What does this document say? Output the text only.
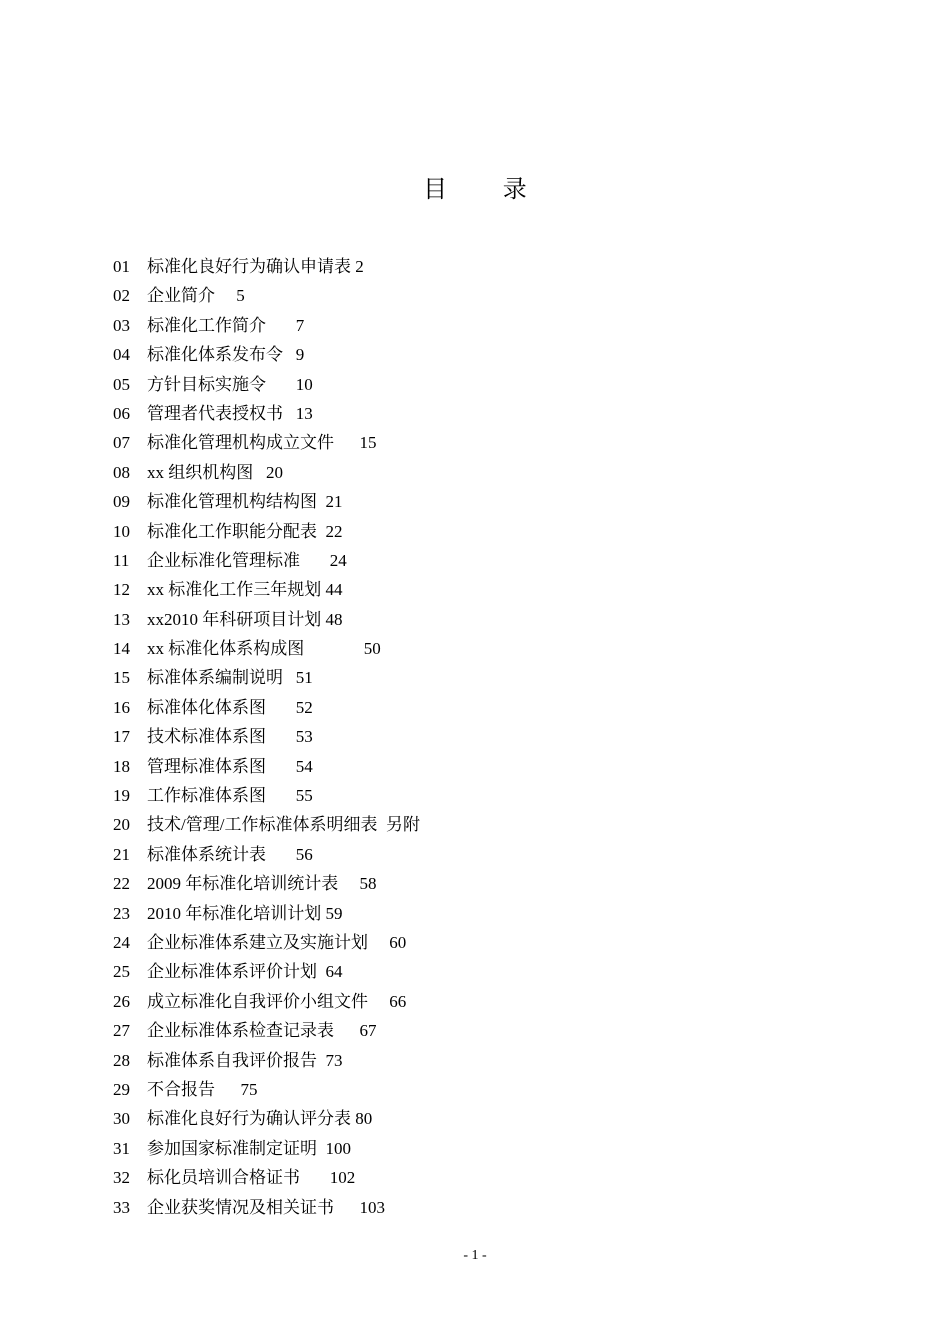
目 录
01 标准化良好行为确认申请表 2
02 企业简介     5
03 标准化工作简介       7
04 标准化体系发布令   9
05 方针目标实施令       10
06 管理者代表授权书   13
07 标准化管理机构成立文件      15
08 xx 组织机构图   20
09 标准化管理机构结构图  21
10 标准化工作职能分配表  22
11 企业标准化管理标准       24
12 xx 标准化工作三年规划 44
13 xx2010 年科研项目计划 48
14 xx 标准化体系构成图              50
15 标准体系编制说明   51
16 标准体化体系图       52
17 技术标准体系图       53
18 管理标准体系图       54
19 工作标准体系图       55
20 技术/管理/工作标准体系明细表  另附
21 标准体系统计表       56
22 2009 年标准化培训统计表     58
23 2010 年标准化培训计划 59
24 企业标准体系建立及实施计划     60
25 企业标准体系评价计划  64
26 成立标准化自我评价小组文件     66
27 企业标准体系检查记录表      67
28 标准体系自我评价报告  73
29 不合报告      75
30 标准化良好行为确认评分表 80
31 参加国家标准制定证明  100
32 标化员培训合格证书       102
33 企业获奖情况及相关证书      103
- 1 -
